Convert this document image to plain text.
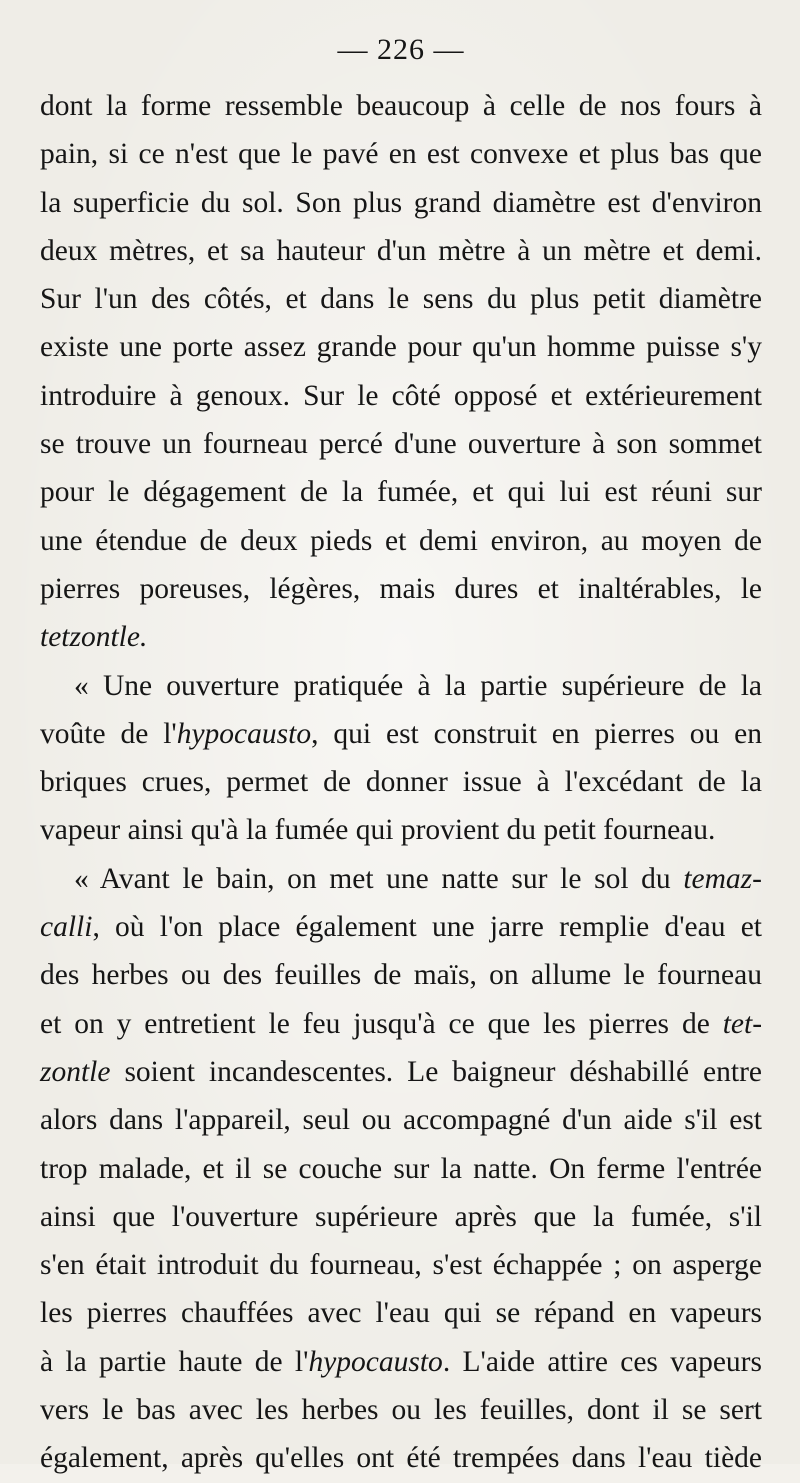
— 226 —
dont la forme ressemble beaucoup à celle de nos fours à
pain, si ce n'est que le pavé en est convexe et plus bas que
la superficie du sol. Son plus grand diamètre est d'environ
deux mètres, et sa hauteur d'un mètre à un mètre et demi.
Sur l'un des côtés, et dans le sens du plus petit diamètre
existe une porte assez grande pour qu'un homme puisse s'y
introduire à genoux. Sur le côté opposé et extérieurement
se trouve un fourneau percé d'une ouverture à son sommet
pour le dégagement de la fumée, et qui lui est réuni sur
une étendue de deux pieds et demi environ, au moyen de
pierres poreuses, légères, mais dures et inaltérables, le
tetzontle.
« Une ouverture pratiquée à la partie supérieure de la
voûte de l'hypocausto, qui est construit en pierres ou en
briques crues, permet de donner issue à l'excédant de la
vapeur ainsi qu'à la fumée qui provient du petit fourneau.
« Avant le bain, on met une natte sur le sol du temaz-
calli, où l'on place également une jarre remplie d'eau et
des herbes ou des feuilles de maïs, on allume le fourneau
et on y entretient le feu jusqu'à ce que les pierres de tet-
zontle soient incandescentes. Le baigneur déshabillé entre
alors dans l'appareil, seul ou accompagné d'un aide s'il est
trop malade, et il se couche sur la natte. On ferme l'entrée
ainsi que l'ouverture supérieure après que la fumée, s'il
s'en était introduit du fourneau, s'est échappée ; on asperge
les pierres chauffées avec l'eau qui se répand en vapeurs
à la partie haute de l'hypocausto. L'aide attire ces vapeurs
vers le bas avec les herbes ou les feuilles, dont il se sert
également, après qu'elles ont été trempées dans l'eau tiède
